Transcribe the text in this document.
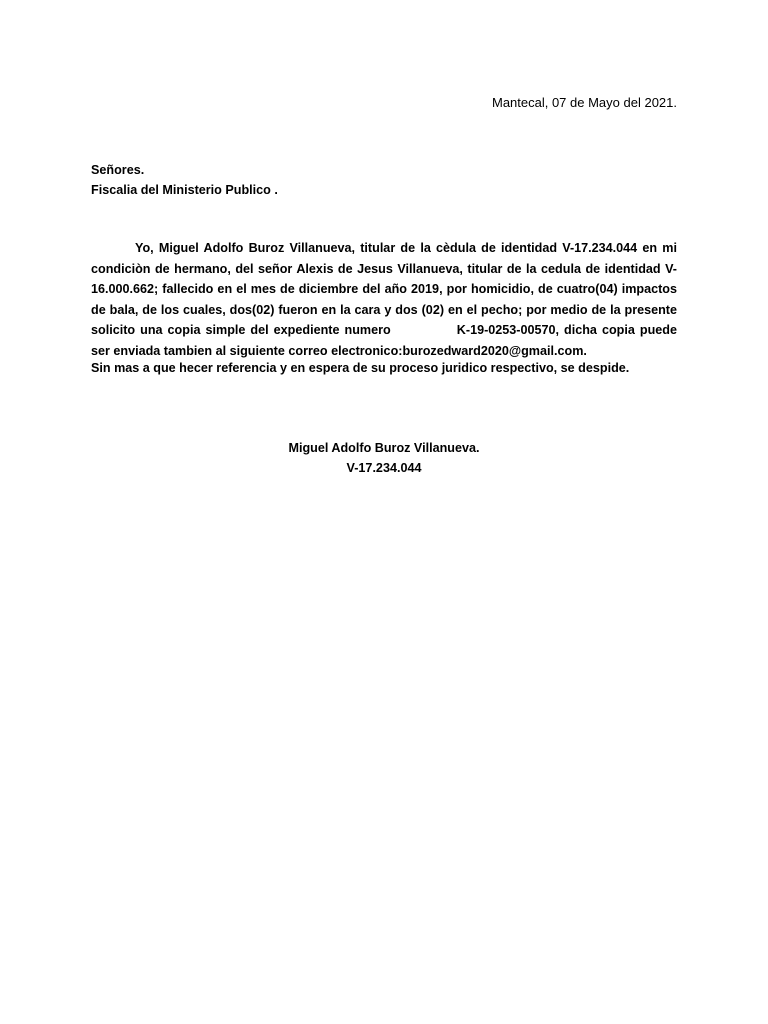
Mantecal, 07 de Mayo del 2021.
Señores.
Fiscalia del Ministerio Publico .

Yo, Miguel Adolfo Buroz Villanueva, titular de la cèdula de identidad V-17.234.044 en mi condiciòn de hermano, del señor Alexis de Jesus Villanueva, titular de la cedula de identidad V-16.000.662; fallecido en el mes de diciembre del año 2019, por homicidio, de cuatro(04) impactos de bala, de los cuales, dos(02) fueron en la cara y dos (02) en el pecho; por medio de la presente solicito una copia simple del expediente numero	K-19-0253-00570, dicha copia puede ser enviada tambien al siguiente correo electronico:burozedward2020@gmail.com.

Sin mas a que hecer referencia y en espera de su proceso juridico respectivo, se despide.
Miguel Adolfo Buroz Villanueva.
V-17.234.044
